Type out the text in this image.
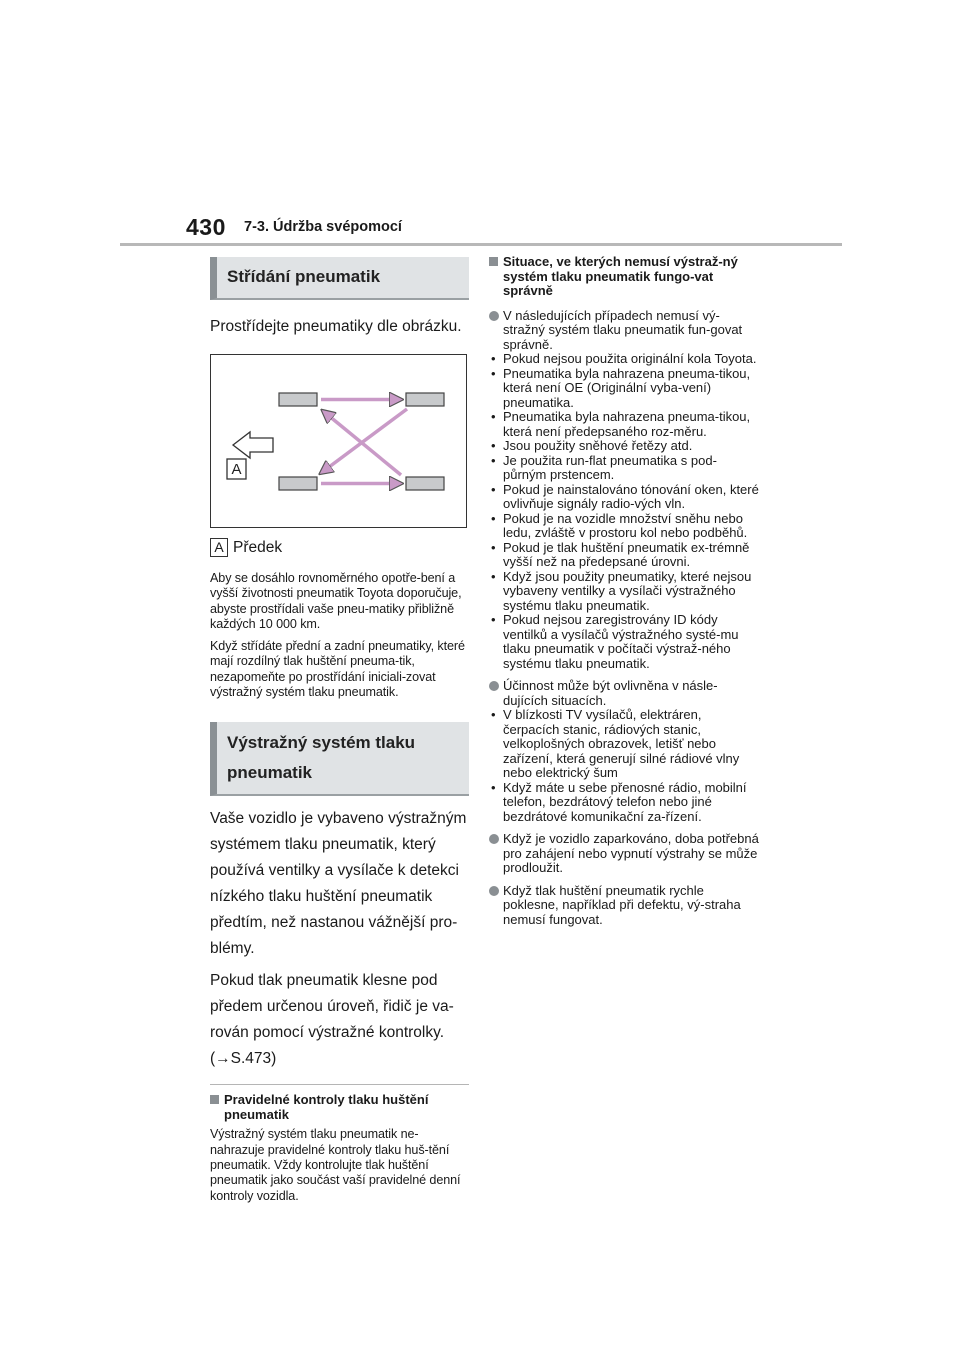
430 7-3. Údržba svépomocí
Střídání pneumatik

Prostřídejte pneumatiky dle obrázku.

A
A Předek

Aby se dosáhlo rovnoměrného opotře-bení a vyšší životnosti pneumatik Toyota doporučuje, abyste prostřídali vaše pneu-matiky přibližně každých 10 000 km.

Když střídáte přední a zadní pneumatiky, které mají rozdílný tlak huštění pneuma-tik, nezapomeňte po prostřídání iniciali-zovat výstražný systém tlaku pneumatik.

Výstražný systém tlaku
pneumatik

Vaše vozidlo je vybaveno výstražným systémem tlaku pneumatik, který používá ventilky a vysílače k detekci nízkého tlaku huštění pneumatik předtím, než nastanou vážnější pro-blémy.

Pokud tlak pneumatik klesne pod předem určenou úroveň, řidič je va-rován pomocí výstražné kontrolky. (→S.473)

Pravidelné kontroly tlaku huštění pneumatik

Výstražný systém tlaku pneumatik ne-nahrazuje pravidelné kontroly tlaku huš-tění pneumatik. Vždy kontrolujte tlak huštění pneumatik jako součást vaší pravidelné denní kontroly vozidla.

Situace, ve kterých nemusí výstraž-ný systém tlaku pneumatik fungo-vat správně
V následujících případech nemusí vý-stražný systém tlaku pneumatik fun-govat správně.
• Pokud nejsou použita originální kola Toyota.
• Pneumatika byla nahrazena pneuma-tikou, která není OE (Originální vyba-vení) pneumatika.
• Pneumatika byla nahrazena pneuma-tikou, která není předepsaného roz-měru.
• Jsou použity sněhové řetězy atd.
• Je použita run-flat pneumatika s pod-půrným prstencem.
• Pokud je nainstalováno tónování oken, které ovlivňuje signály radio-vých vln.
• Pokud je na vozidle množství sněhu nebo ledu, zvláště v prostoru kol nebo podběhů.
• Pokud je tlak huštění pneumatik ex-trémně vyšší než na předepsané úrovni.
• Když jsou použity pneumatiky, které nejsou vybaveny ventilky a vysílači výstražného systému tlaku pneumatik.
• Pokud nejsou zaregistrovány ID kódy ventilků a vysílačů výstražného systé-mu tlaku pneumatik v počítači výstraž-ného systému tlaku pneumatik.
Účinnost může být ovlivněna v násle-dujících situacích.
• V blízkosti TV vysílačů, elektráren, čerpacích stanic, rádiových stanic, velkoplošných obrazovek, letišť nebo zařízení, která generují silné rádiové vlny nebo elektrický šum
• Když máte u sebe přenosné rádio, mobilní telefon, bezdrátový telefon nebo jiné bezdrátové komunikační za-řízení.
Když je vozidlo zaparkováno, doba potřebná pro zahájení nebo vypnutí výstrahy se může prodloužit.
Když tlak huštění pneumatik rychle poklesne, například při defektu, vý-straha nemusí fungovat.
